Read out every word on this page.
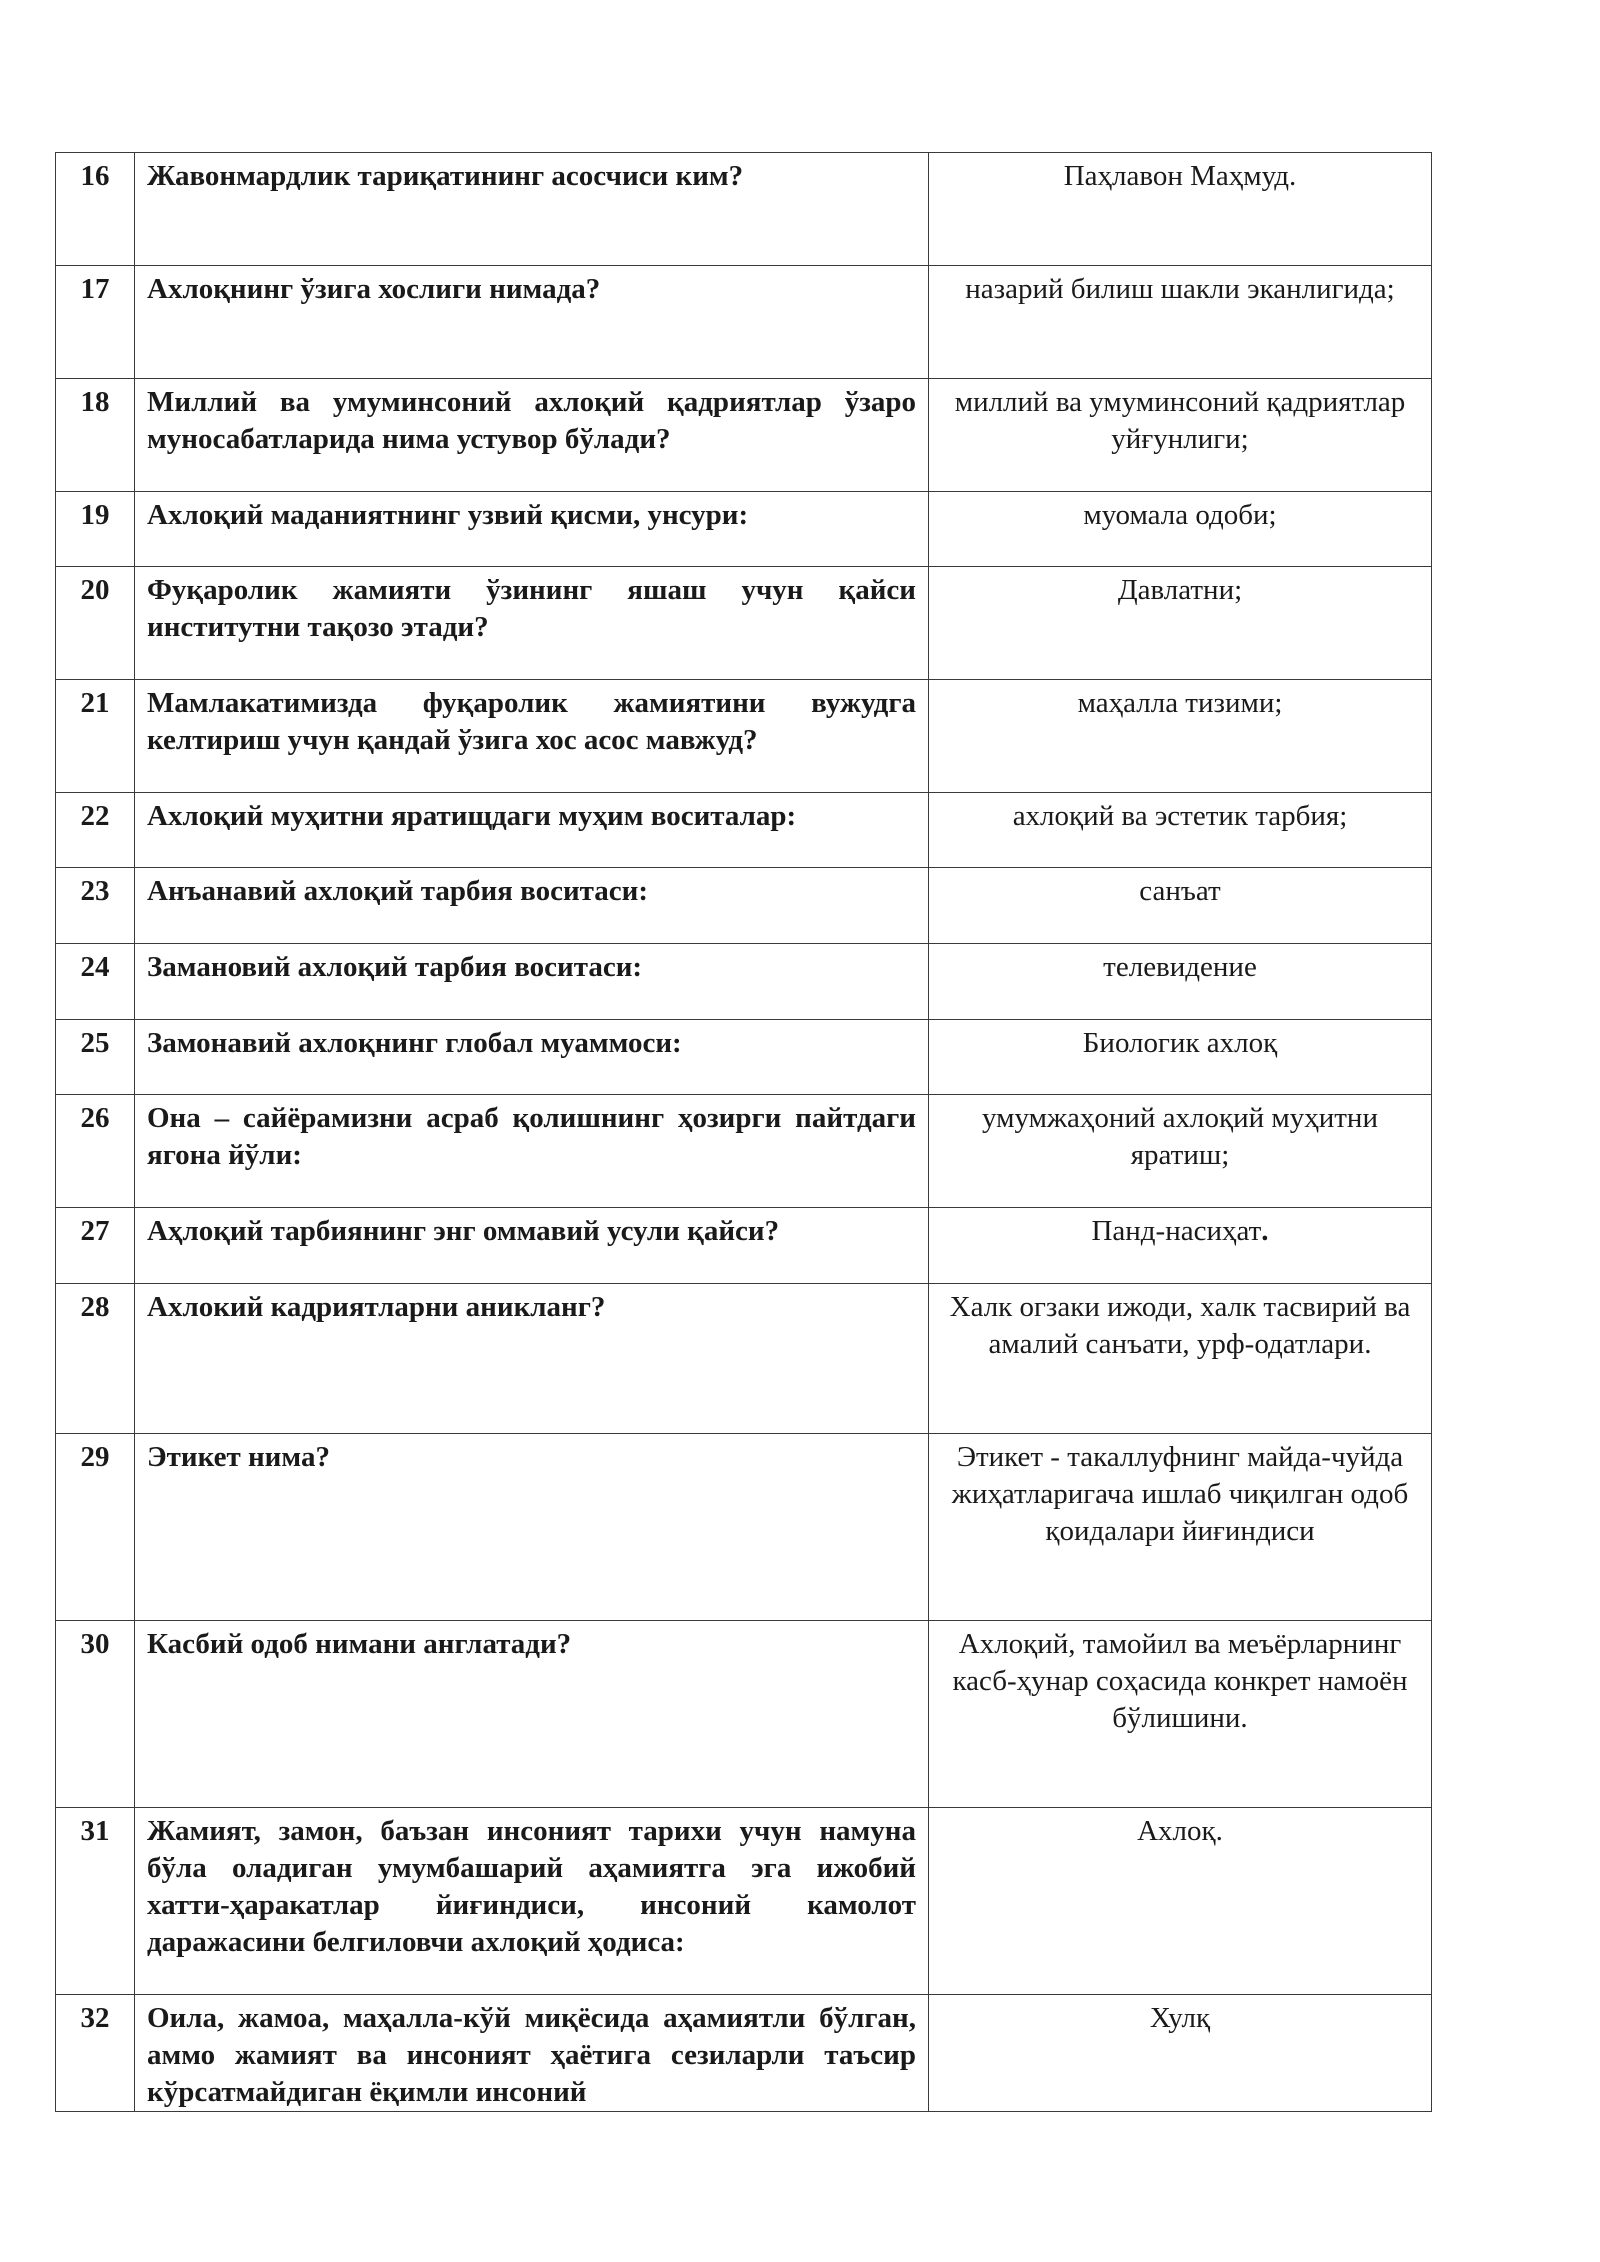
16	Жавонмардлик тариқатининг асосчиси ким?	Паҳлавон Маҳмуд.
17	Ахлоқнинг ўзига хослиги нимада?	назарий билиш шакли эканлигида;
18	Миллий ва умуминсоний ахлоқий қадриятлар ўзаро муносабатларида нима устувор бўлади?	миллий ва умуминсоний қадриятлар уйғунлиги;
19	Ахлоқий маданиятнинг узвий қисми, унсури:	муомала одоби;
20	Фуқаролик жамияти ўзининг яшаш учун қайси институтни тақозо этади?	Давлатни;
21	Мамлакатимизда фуқаролик жамиятини вужудга келтириш учун қандай ўзига хос асос мавжуд?	маҳалла тизими;
22	Ахлоқий муҳитни яратищдаги муҳим воситалар:	ахлоқий ва эстетик тарбия;
23	Анъанавий ахлоқий тарбия воситаси:	санъат
24	Замановий ахлоқий тарбия воситаси:	телевидение
25	Замонавий ахлоқнинг глобал муаммоси:	Биологик ахлоқ
26	Она – сайёрамизни асраб қолишнинг ҳозирги пайтдаги ягона йўли:	умумжаҳоний ахлоқий муҳитни яратиш;
27	Аҳлоқий тарбиянинг энг оммавий усули қайси?	Панд-насиҳат.
28	Ахлокий кадриятларни аникланг?	Халк огзаки ижоди, халк тасвирий ва амалий санъати, урф-одатлари.
29	Этикет нима?	Этикет - такаллуфнинг майда-чуйда жиҳатларигача ишлаб чиқилган одоб қоидалари йиғиндиси
30	Касбий одоб нимани англатади?	Ахлоқий, тамойил ва меъёрларнинг касб-ҳунар соҳасида конкрет намоён бўлишини.
31	Жамият, замон, баъзан инсоният тарихи учун намуна бўла оладиган умумбашарий аҳамиятга эга ижобий хатти-ҳаракатлар йиғиндиси, инсоний камолот даражасини белгиловчи ахлоқий ҳодиса:	Ахлоқ.
32	Оила, жамоа, маҳалла-кўй миқёсида аҳамиятли бўлган, аммо жамият ва инсоният ҳаётига сезиларли таъсир кўрсатмайдиган ёқимли инсоний	Хулқ
